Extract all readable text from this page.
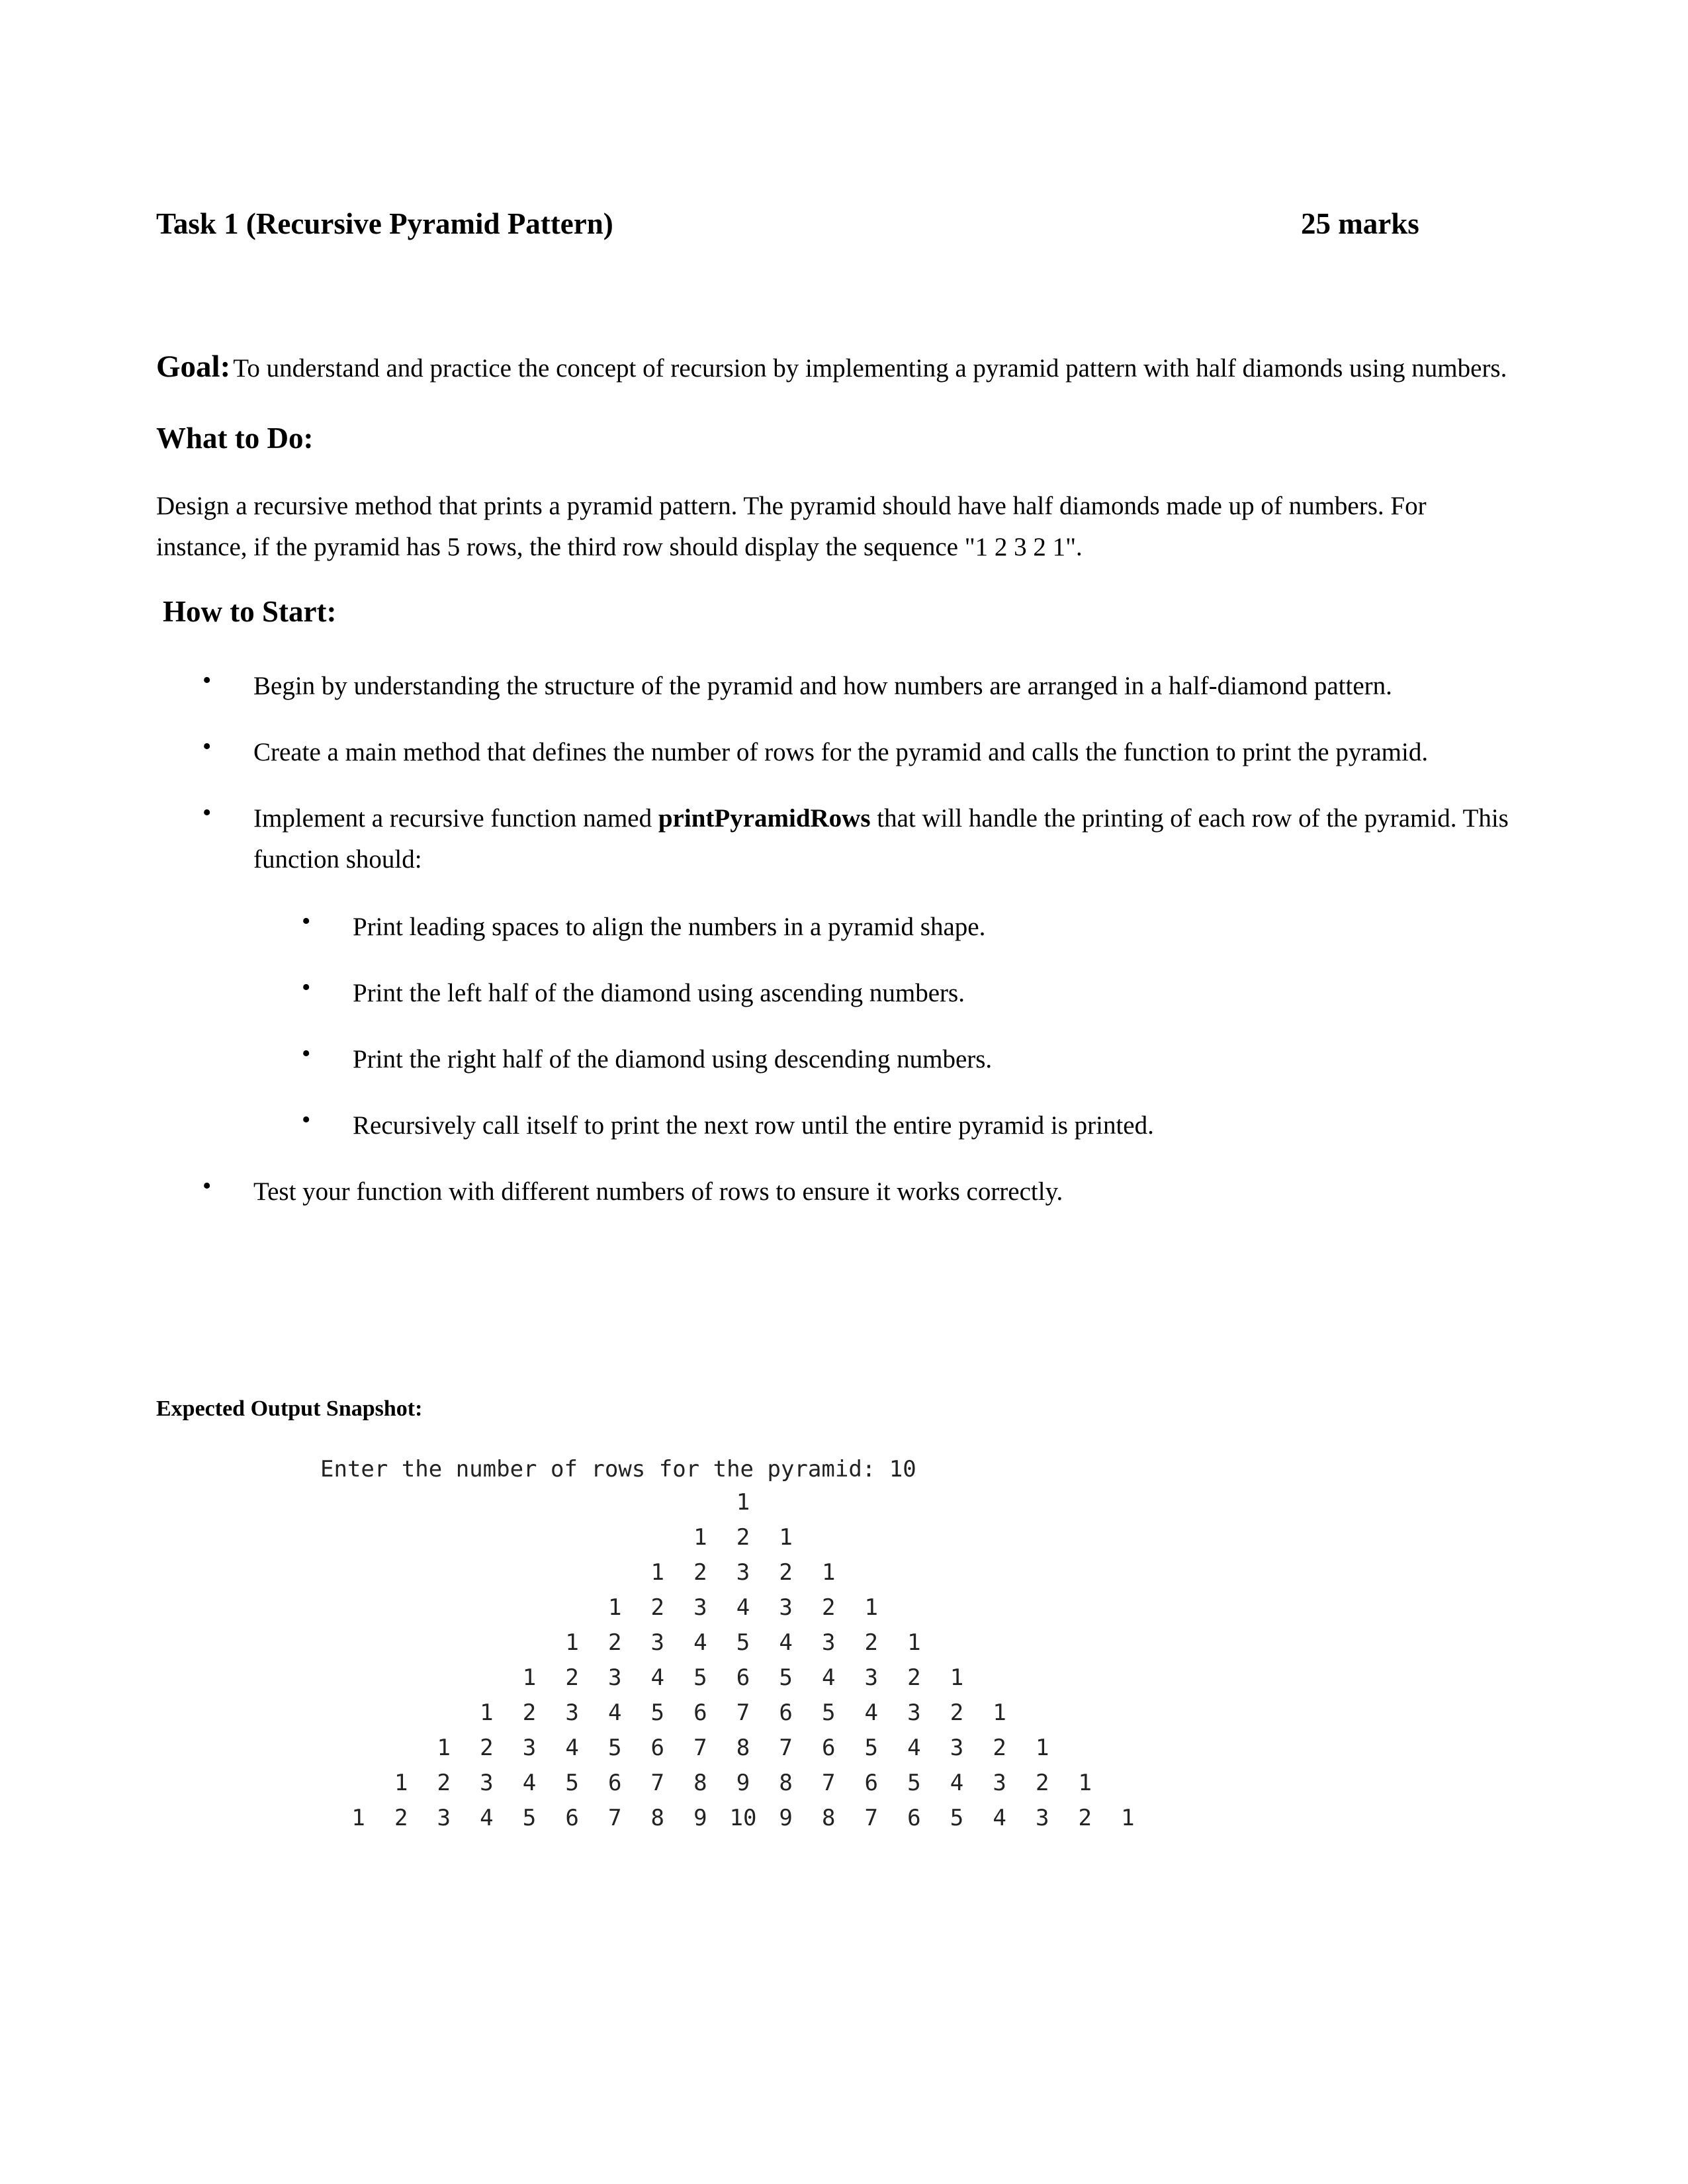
Task 1 (Recursive Pyramid Pattern)	25 marks
Goal: To understand and practice the concept of recursion by implementing a pyramid pattern with half diamonds using numbers.
What to Do:
Design a recursive method that prints a pyramid pattern. The pyramid should have half diamonds made up of numbers. For
instance, if the pyramid has 5 rows, the third row should display the sequence "1 2 3 2 1".
How to Start:
• Begin by understanding the structure of the pyramid and how numbers are arranged in a half-diamond pattern.
• Create a main method that defines the number of rows for the pyramid and calls the function to print the pyramid.
• Implement a recursive function named printPyramidRows that will handle the printing of each row of the pyramid. This
function should:
• Print leading spaces to align the numbers in a pyramid shape.
• Print the left half of the diamond using ascending numbers.
• Print the right half of the diamond using descending numbers.
• Recursively call itself to print the next row until the entire pyramid is printed.
• Test your function with different numbers of rows to ensure it works correctly.
Expected Output Snapshot:
Enter the number of rows for the pyramid: 10
1
1	2	1
1	2	3	2	1
1	2	3	4	3	2	1
1	2	3	4	5	4	3	2	1
1	2	3	4	5	6	5	4	3	2	1
1	2	3	4	5	6	7	6	5	4	3	2	1
1	2	3	4	5	6	7	8	7	6	5	4	3	2	1
1	2	3	4	5	6	7	8	9	8	7	6	5	4	3	2	1
1	2	3	4	5	6	7	8	9 10 9	8	7	6	5	4	3	2	1
